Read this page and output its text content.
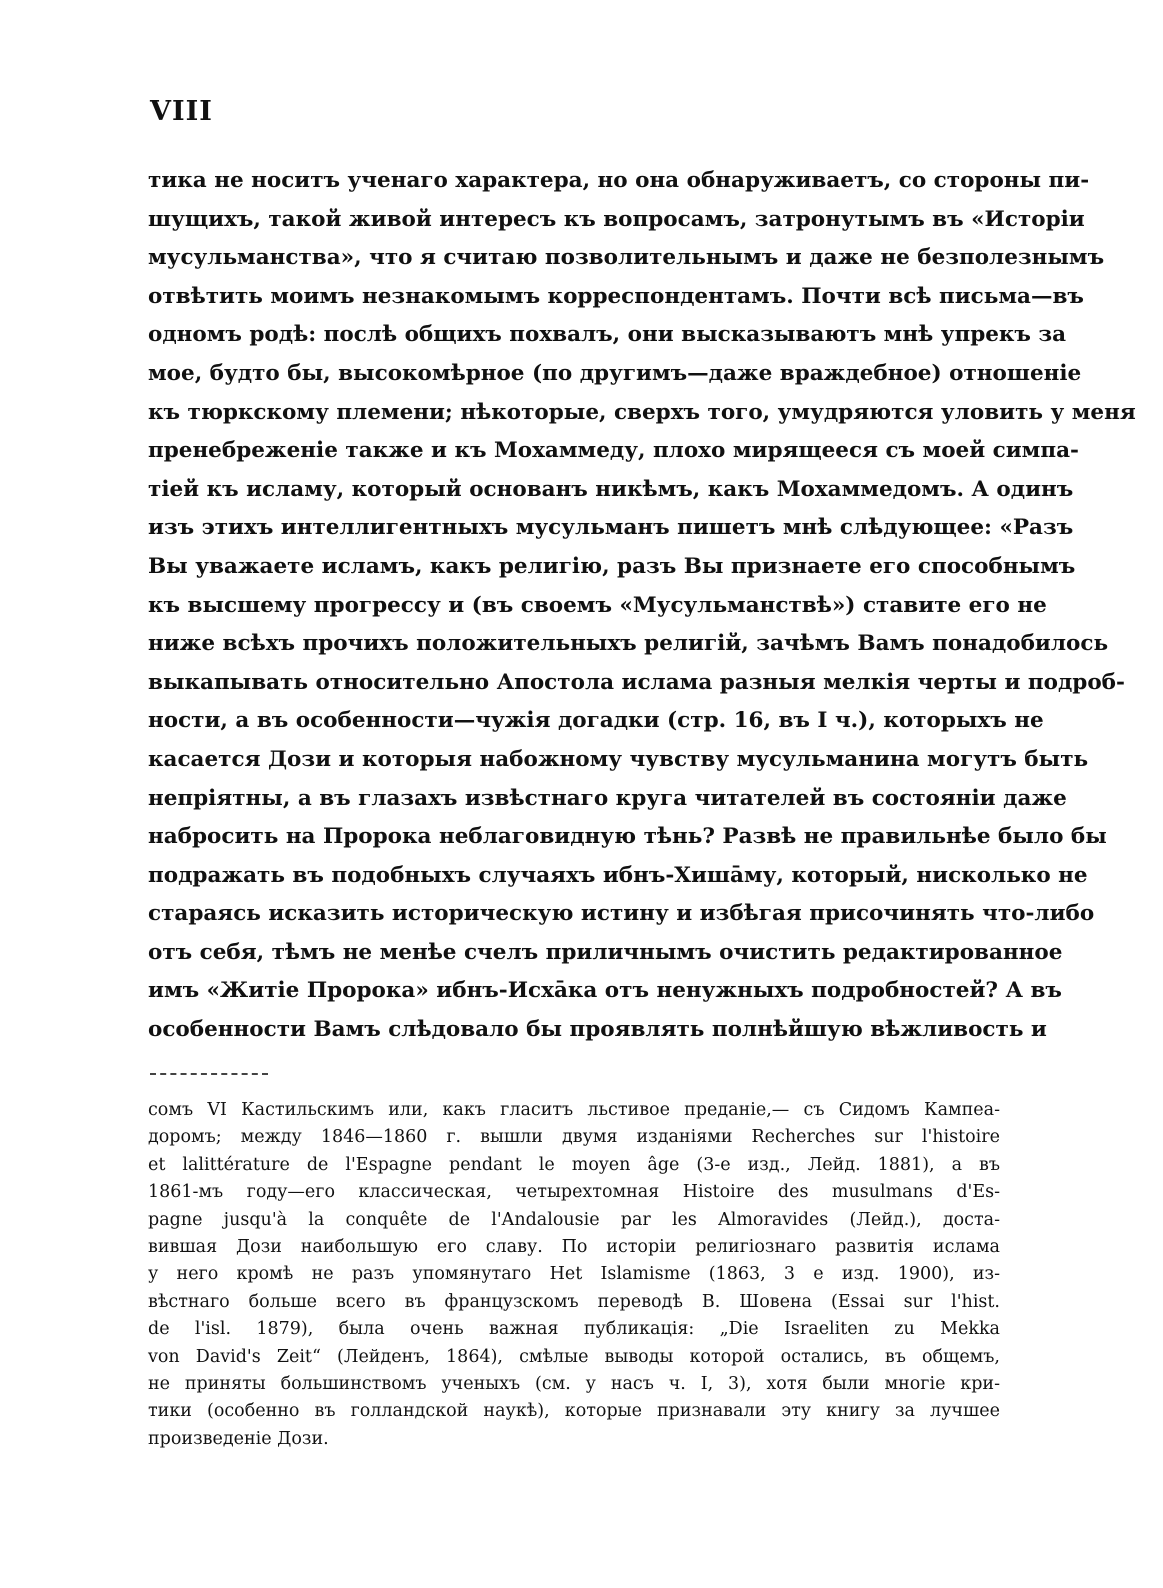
VIII
тика не носитъ ученаго характера, но она обнаруживаетъ, со стороны пи-
шущихъ, такой живой интересъ къ вопросамъ, затронутымъ въ «Исторіи
мусульманства», что я считаю позволительнымъ и даже не безполезнымъ
отвѣтить моимъ незнакомымъ корреспондентамъ. Почти всѣ письма—въ
одномъ родѣ: послѣ общихъ похвалъ, они высказываютъ мнѣ упрекъ за
мое, будто бы, высокомѣрное (по другимъ—даже враждебное) отношеніе
къ тюркскому племени; нѣкоторые, сверхъ того, умудряются уловить у меня
пренебреженіе также и къ Мохаммеду, плохо мирящееся съ моей симпа-
тіей къ исламу, который основанъ никѣмъ, какъ Мохаммедомъ. А одинъ
изъ этихъ интеллигентныхъ мусульманъ пишетъ мнѣ слѣдующее: «Разъ
Вы уважаете исламъ, какъ религію, разъ Вы признаете его способнымъ
къ высшему прогрессу и (въ своемъ «Мусульманствѣ») ставите его не
ниже всѣхъ прочихъ положительныхъ религій, зачѣмъ Вамъ понадобилось
выкапывать относительно Апостола ислама разныя мелкія черты и подроб-
ности, а въ особенности—чужія догадки (стр. 16, въ I ч.), которыхъ не
касается Дози и которыя набожному чувству мусульманина могутъ быть
непріятны, а въ глазахъ извѣстнаго круга читателей въ состояніи даже
набросить на Пророка неблаговидную тѣнь? Развѣ не правильнѣе было бы
подражать въ подобныхъ случаяхъ ибнъ-Хишāму, который, нисколько не
стараясь исказить историческую истину и избѣгая присочинять что-либо
отъ себя, тѣмъ не менѣе счелъ приличнымъ очистить редактированное
имъ «Житіе Пророка» ибнъ-Исхāка отъ ненужныхъ подробностей? А въ
особенности Вамъ слѣдовало бы проявлять полнѣйшую вѣжливость и
сомъ VI Кастильскимъ или, какъ гласитъ льстивое преданіе,— съ Сидомъ Кампеа-
доромъ; между 1846—1860 г. вышли двумя изданіями Recherches sur l'histoire
et lalittérature de l'Espagne pendant le moyen âge (3-е изд., Лейд. 1881), а въ
1861-мъ году—его классическая, четырехтомная Histoire des musulmans d'Es-
pagne jusqu'à la conquête de l'Andalousie par les Almoravides (Лейд.), доста-
вившая Дози наибольшую его славу. По исторіи религіознаго развитія ислама
у него кромѣ не разъ упомянутаго Het Islamisme (1863, 3 е изд. 1900), из-
вѣстнаго больше всего въ французскомъ переводѣ В. Шовена (Essai sur l'hist.
de l'isl. 1879), была очень важная публикація: „Die Israeliten zu Mekka
von David's Zeit“ (Лейденъ, 1864), смѣлые выводы которой остались, въ общемъ,
не приняты большинствомъ ученыхъ (см. у насъ ч. I, 3), хотя были многіе кри-
тики (особенно въ голландской наукѣ), которые признавали эту книгу за лучшее
произведеніе Дози.
